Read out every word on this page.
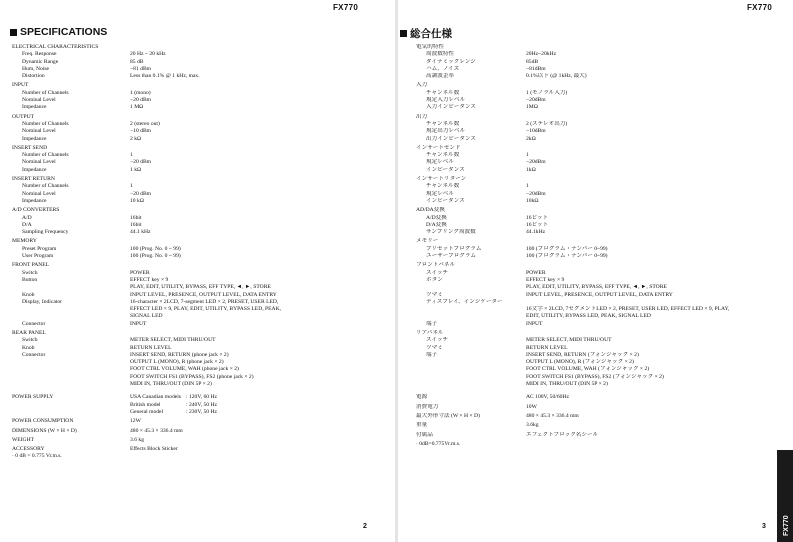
FX770
SPECIFICATIONS
ELECTRICAL CHARACTERISTICS
Freq. Response	20 Hz ~ 20 kHz
Dynamic Range	85 dB
Hum, Noise	−81 dBm
Distortion	Less than 0.1% @ 1 kHz, max.
INPUT
Number of Channels	1 (mono)
Nominal Level	−20 dBm
Impedance	1 MΩ
OUTPUT
Number of Channels	2 (stereo out)
Nominal Level	−10 dBm
Impedance	2 kΩ
INSERT SEND
Number of Channels	1
Nominal Level	−20 dBm
Impedance	1 kΩ
INSERT RETURN
Number of Channels	1
Nominal Level	−20 dBm
Impedance	10 kΩ
A/D CONVERTERS
A/D	16bit
D/A	16bit
Sampling Frequency	44.1 kHz
MEMORY
Preset Program	100 (Prog. No. 0 ~ 99)
User Program	100 (Prog. No. 0 ~ 99)
FRONT PANEL
Switch	POWER
Button	EFFECT key × 9
PLAY, EDIT, UTILITY, BYPASS, EFF TYPE, ◄, ►, STORE
Knob	INPUT LEVEL, PRESENCE, OUTPUT LEVEL, DATA ENTRY
Display, Indicator	16-character × 2LCD, 7-segment LED × 2, PRESET, USER LED,
EFFECT LED × 9, PLAY, EDIT, UTILITY, BYPASS LED, PEAK,
SIGNAL LED
Connector	INPUT
REAR PANEL
Switch	METER SELECT, MIDI THRU/OUT
Knob	RETURN LEVEL
Connector	INSERT SEND, RETURN (phone jack × 2)
OUTPUT L (MONO), R (phone jack × 2)
FOOT CTRL VOLUME, WAH (phone jack × 2)
FOOT SWITCH FS1 (BYPASS), FS2 (phone jack × 2)
MIDI IN, THRU/OUT (DIN 5P × 2)
POWER SUPPLY	USA Canadian models : 120V, 60 Hz
British model	: 240V, 50 Hz
General model	: 230V, 50 Hz
POWER CONSUMPTION	12W
DIMENSIONS (W × H × D)	480 × 45.3 × 336.4 mm
WEIGHT	3.6 kg
ACCESSORY	Effects Block Sticker
· 0 dB = 0.775 Vr.m.s.
2
FX770
総合仕様
電気的特性
周波数特性	20Hz~20kHz
ダイナミックレンジ	85dB
ハム、ノイズ	−81dBm
高調波歪率	0.1%以下 (@ 1kHz, 最大)
入力
チャンネル数	1 (モノラル入力)
規定入力レベル	−20dBm
入力インピーダンス	1MΩ
出力
チャンネル数	2 (ステレオ出力)
規定出力レベル	−10dBm
出力インピーダンス	2kΩ
インサートセンド
チャンネル数	1
規定レベル	−20dBm
インピーダンス	1kΩ
インサートリターン
チャンネル数	1
規定レベル	−20dBm
インピーダンス	10kΩ
AD/DA変換
A/D変換	16ビット
D/A変換	16ビット
サンプリング周波数	44.1kHz
メモリー
プリセットプログラム	100 (プログラム・ナンバー 0~99)
ユーザープログラム	100 (プログラム・ナンバー 0~99)
フロントパネル
スイッチ	POWER
ボタン	EFFECT key × 9
PLAY, EDIT, UTILITY, BYPASS, EFF TYPE, ◄, ►, STORE
ツマミ	INPUT LEVEL, PRESENCE, OUTPUT LEVEL, DATA ENTRY
ディスプレイ、インジケーター
16文字 × 2LCD, 7セグメントLED × 2, PRESET, USER LED, EFFECT LED × 9, PLAY,
EDIT, UTILITY, BYPASS LED, PEAK, SIGNAL LED
端子	INPUT
リアパネル
スイッチ	METER SELECT, MIDI THRU/OUT
ツマミ	RETURN LEVEL
端子	INSERT SEND, RETURN (フォンジャック × 2)
OUTPUT L (MONO), R (フォンジャック × 2)
FOOT CTRL VOLUME, WAH (フォンジャック × 2)
FOOT SWITCH FS1 (BYPASS), FS2 (フォンジャック × 2)
MIDI IN, THRU/OUT (DIN 5P × 2)
電源	AC 100V, 50/60Hz
消費電力	10W
最大外形寸法 (W × H × D)	480 × 45.3 × 336.4 mm
重量	3.6kg
付属品	エフェクトブロック名シール
· 0dB=0.775Vr.m.s.
3 FX770
